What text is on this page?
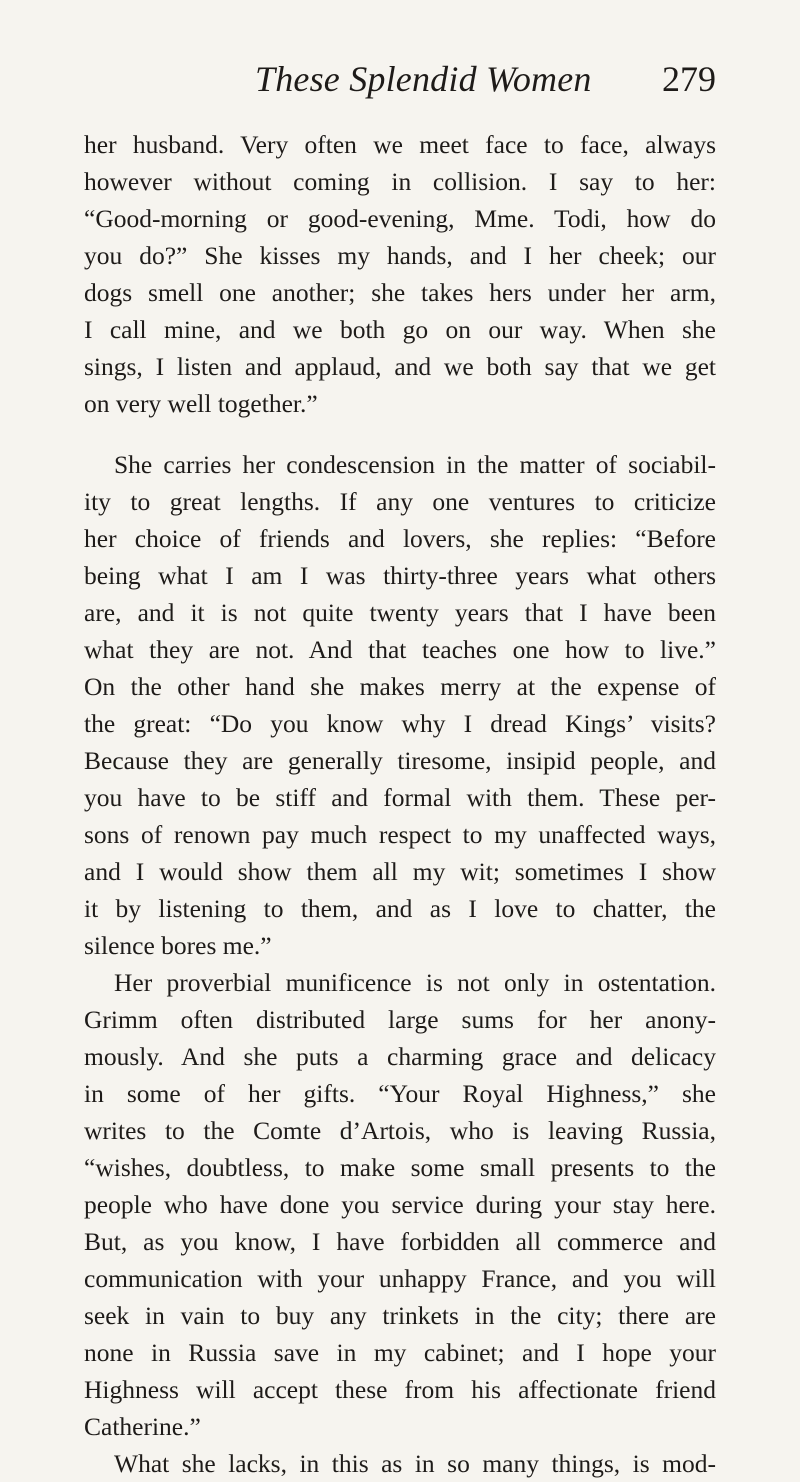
These Splendid Women 279
her husband. Very often we meet face to face, always
however without coming in collision. I say to her:
“Good-morning or good-evening, Mme. Todi, how do
you do?” She kisses my hands, and I her cheek; our
dogs smell one another; she takes hers under her arm,
I call mine, and we both go on our way. When she
sings, I listen and applaud, and we both say that we get
on very well together.”
She carries her condescension in the matter of sociabil-
ity to great lengths. If any one ventures to criticize
her choice of friends and lovers, she replies: “Before
being what I am I was thirty-three years what others
are, and it is not quite twenty years that I have been
what they are not. And that teaches one how to live.”
On the other hand she makes merry at the expense of
the great: “Do you know why I dread Kings’ visits?
Because they are generally tiresome, insipid people, and
you have to be stiff and formal with them. These per-
sons of renown pay much respect to my unaffected ways,
and I would show them all my wit; sometimes I show
it by listening to them, and as I love to chatter, the
silence bores me.”
Her proverbial munificence is not only in ostentation.
Grimm often distributed large sums for her anony-
mously. And she puts a charming grace and delicacy
in some of her gifts. “Your Royal Highness,” she
writes to the Comte d’Artois, who is leaving Russia,
“wishes, doubtless, to make some small presents to the
people who have done you service during your stay here.
But, as you know, I have forbidden all commerce and
communication with your unhappy France, and you will
seek in vain to buy any trinkets in the city; there are
none in Russia save in my cabinet; and I hope your
Highness will accept these from his affectionate friend
Catherine.”
What she lacks, in this as in so many things, is mod-
